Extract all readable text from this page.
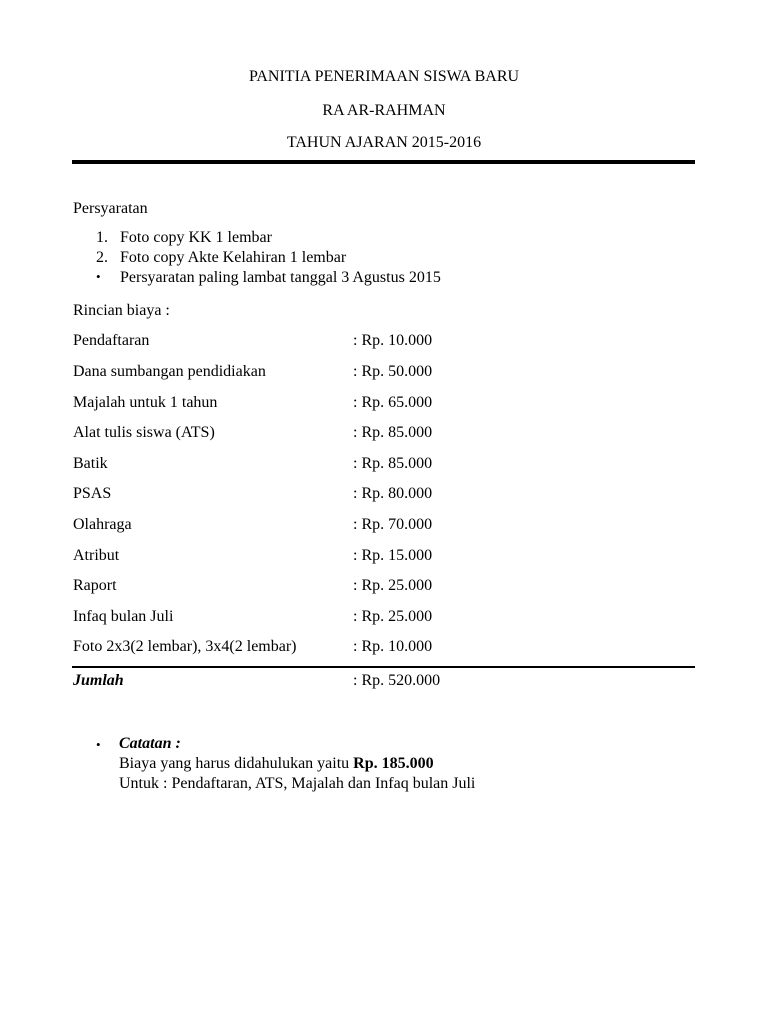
PANITIA PENERIMAAN SISWA BARU
RA AR-RAHMAN
TAHUN AJARAN 2015-2016
Persyaratan
1. Foto copy KK 1 lembar
2. Foto copy Akte Kelahiran 1 lembar
• Persyaratan paling lambat tanggal 3 Agustus 2015
Rincian biaya :
Pendaftaran	: Rp. 10.000
Dana sumbangan pendidiakan	: Rp. 50.000
Majalah untuk 1 tahun	: Rp. 65.000
Alat tulis siswa (ATS)	: Rp. 85.000
Batik	: Rp. 85.000
PSAS	: Rp. 80.000
Olahraga	: Rp. 70.000
Atribut	: Rp. 15.000
Raport	: Rp. 25.000
Infaq bulan Juli	: Rp. 25.000
Foto 2x3(2 lembar), 3x4(2 lembar)	: Rp. 10.000
Jumlah	: Rp. 520.000
• Catatan :
Biaya yang harus didahulukan yaitu Rp. 185.000
Untuk : Pendaftaran, ATS, Majalah dan Infaq bulan Juli
